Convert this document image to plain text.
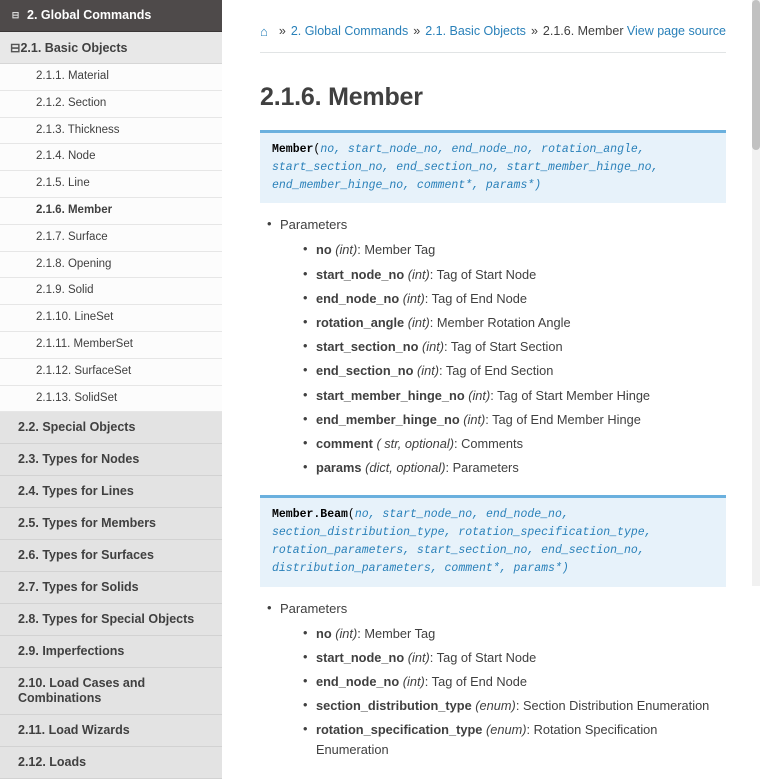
⊟ 2. Global Commands
⊟ 2.1. Basic Objects
2.1.1. Material
2.1.2. Section
2.1.3. Thickness
2.1.4. Node
2.1.5. Line
2.1.6. Member
2.1.7. Surface
2.1.8. Opening
2.1.9. Solid
2.1.10. LineSet
2.1.11. MemberSet
2.1.12. SurfaceSet
2.1.13. SolidSet
2.2. Special Objects
2.3. Types for Nodes
2.4. Types for Lines
2.5. Types for Members
2.6. Types for Surfaces
2.7. Types for Solids
2.8. Types for Special Objects
2.9. Imperfections
2.10. Load Cases and Combinations
2.11. Load Wizards
2.12. Loads
⌂ » 2. Global Commands » 2.1. Basic Objects » 2.1.6. Member View page source
2.1.6. Member
Member(no, start_node_no, end_node_no, rotation_angle, start_section_no, end_section_no, start_member_hinge_no, end_member_hinge_no, comment*, params*)
• Parameters
• no (int): Member Tag
• start_node_no (int): Tag of Start Node
• end_node_no (int): Tag of End Node
• rotation_angle (int): Member Rotation Angle
• start_section_no (int): Tag of Start Section
• end_section_no (int): Tag of End Section
• start_member_hinge_no (int): Tag of Start Member Hinge
• end_member_hinge_no (int): Tag of End Member Hinge
• comment ( str, optional): Comments
• params (dict, optional): Parameters
Member.Beam(no, start_node_no, end_node_no, section_distribution_type, rotation_specification_type, rotation_parameters, start_section_no, end_section_no, distribution_parameters, comment*, params*)
• Parameters
• no (int): Member Tag
• start_node_no (int): Tag of Start Node
• end_node_no (int): Tag of End Node
• section_distribution_type (enum): Section Distribution Enumeration
• rotation_specification_type (enum): Rotation Specification Enumeration
